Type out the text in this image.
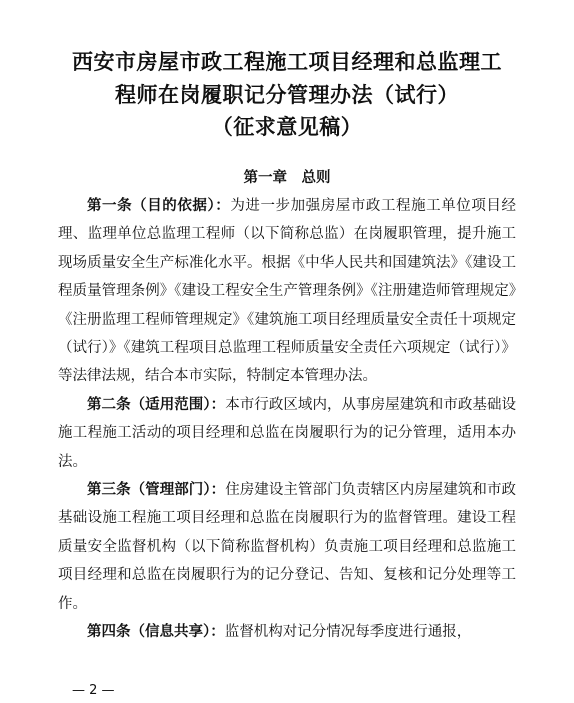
西安市房屋市政工程施工项目经理和总监理工
程师在岗履职记分管理办法（试行）
（征求意见稿）
第一章　总则

第一条（目的依据）：为进一步加强房屋市政工程施工单位项目经理、监理单位总监理工程师（以下简称总监）在岗履职管理，提升施工现场质量安全生产标准化水平。根据《中华人民共和国建筑法》《建设工程质量管理条例》《建设工程安全生产管理条例》《注册建造师管理规定》《注册监理工程师管理规定》《建筑施工项目经理质量安全责任十项规定（试行）》《建筑工程项目总监理工程师质量安全责任六项规定（试行）》等法律法规，结合本市实际，特制定本管理办法。

第二条（适用范围）：本市行政区域内，从事房屋建筑和市政基础设施工程施工活动的项目经理和总监在岗履职行为的记分管理，适用本办法。

第三条（管理部门）：住房建设主管部门负责辖区内房屋建筑和市政基础设施工程施工项目经理和总监在岗履职行为的监督管理。建设工程质量安全监督机构（以下简称监督机构）负责施工项目经理和总监施工项目经理和总监在岗履职行为的记分登记、告知、复核和记分处理等工作。

第四条（信息共享）：监督机构对记分情况每季度进行通报，

— 2 —
